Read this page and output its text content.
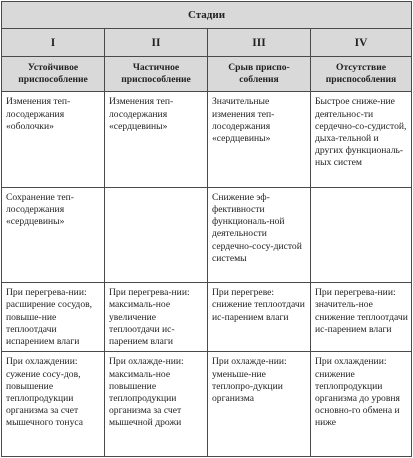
Стадии			
I	II	III	IV
Устойчивое приспособление	Частичное приспособление	Срыв приспо-собления	Отсутствие приспособления
Изменения теп-лосодержания «оболочки»	Изменения теп-лосодержания «сердцевины»	Значительные изменения теп-лосодержания «сердцевины»	Быстрое сниже-ние деятельнос-ти сердечно-со-судистой, дыха-тельной и других функциональ-ных систем
Сохранение теп-лосодержания «сердцевины»		Снижение эф-фективности функциональ-ной деятельности сердечно-сосу-дистой системы	
При перегрева-нии: расширение сосудов, повыше-ние теплоотдачи испарением влаги	При перегрева-нии: максималь-ное увеличение теплоотдачи ис-парением влаги	При перегреве: снижение теплоотдачи ис-парением влаги	При перегрева-нии: значитель-ное снижение теплоотдачи ис-парением влаги
При охлаждении: сужение сосу-дов, повышение теплопродукции организма за счет мышечного тонуса	При охлажде-нии: максималь-ное повышение теплопродукции организма за счет мышечной дрожи	При охлажде-нии: уменьше-ние теплопро-дукции организма	При охлаждении: снижение теплопродукции организма до уровня основно-го обмена и ниже
